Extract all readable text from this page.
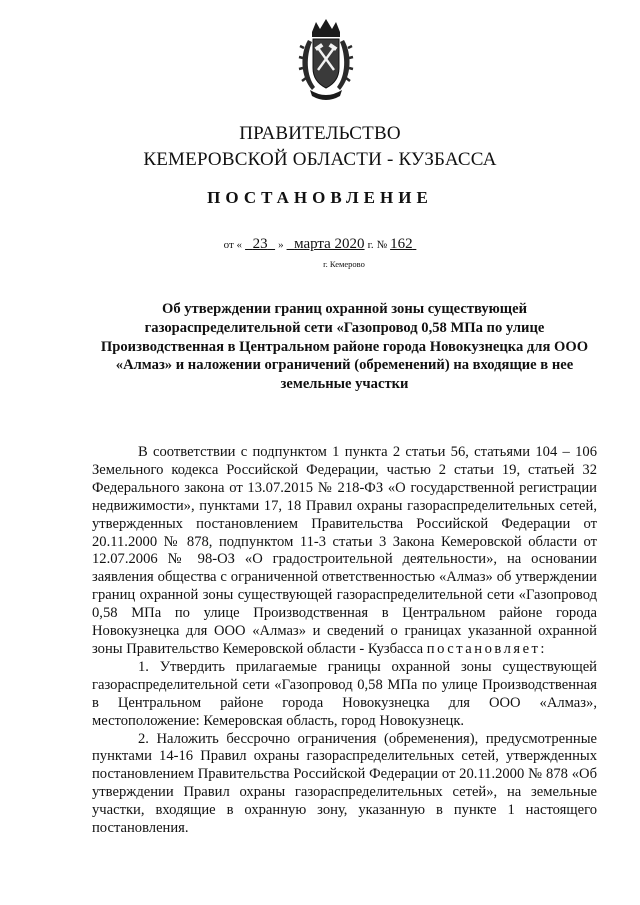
ПРАВИТЕЛЬСТВО
КЕМЕРОВСКОЙ ОБЛАСТИ - КУЗБАССА
ПОСТАНОВЛЕНИЕ
от « 23 » марта 2020 г. № 162
г. Кемерово
Об утверждении границ охранной зоны существующей газораспределительной сети «Газопровод 0,58 МПа по улице Производственная в Центральном районе города Новокузнецка для ООО «Алмаз» и наложении ограничений (обременений) на входящие в нее земельные участки

В соответствии с подпунктом 1 пункта 2 статьи 56, статьями 104 – 106 Земельного кодекса Российской Федерации, частью 2 статьи 19, статьей 32 Федерального закона от 13.07.2015 № 218-ФЗ «О государственной регистрации недвижимости», пунктами 17, 18 Правил охраны газораспределительных сетей, утвержденных постановлением Правительства Российской Федерации от 20.11.2000 № 878, подпунктом 11-3 статьи 3 Закона Кемеровской области от 12.07.2006 № 98-ОЗ «О градостроительной деятельности», на основании заявления общества с ограниченной ответственностью «Алмаз» об утверждении границ охранной зоны существующей газораспределительной сети «Газопровод 0,58 МПа по улице Производственная в Центральном районе города Новокузнецка для ООО «Алмаз» и сведений о границах указанной охранной зоны Правительство Кемеровской области - Кузбасса постановляет:

1. Утвердить прилагаемые границы охранной зоны существующей газораспределительной сети «Газопровод 0,58 МПа по улице Производственная в Центральном районе города Новокузнецка для ООО «Алмаз», местоположение: Кемеровская область, город Новокузнецк.

2. Наложить бессрочно ограничения (обременения), предусмотренные пунктами 14-16 Правил охраны газораспределительных сетей, утвержденных постановлением Правительства Российской Федерации от 20.11.2000 № 878 «Об утверждении Правил охраны газораспределительных сетей», на земельные участки, входящие в охранную зону, указанную в пункте 1 настоящего постановления.
